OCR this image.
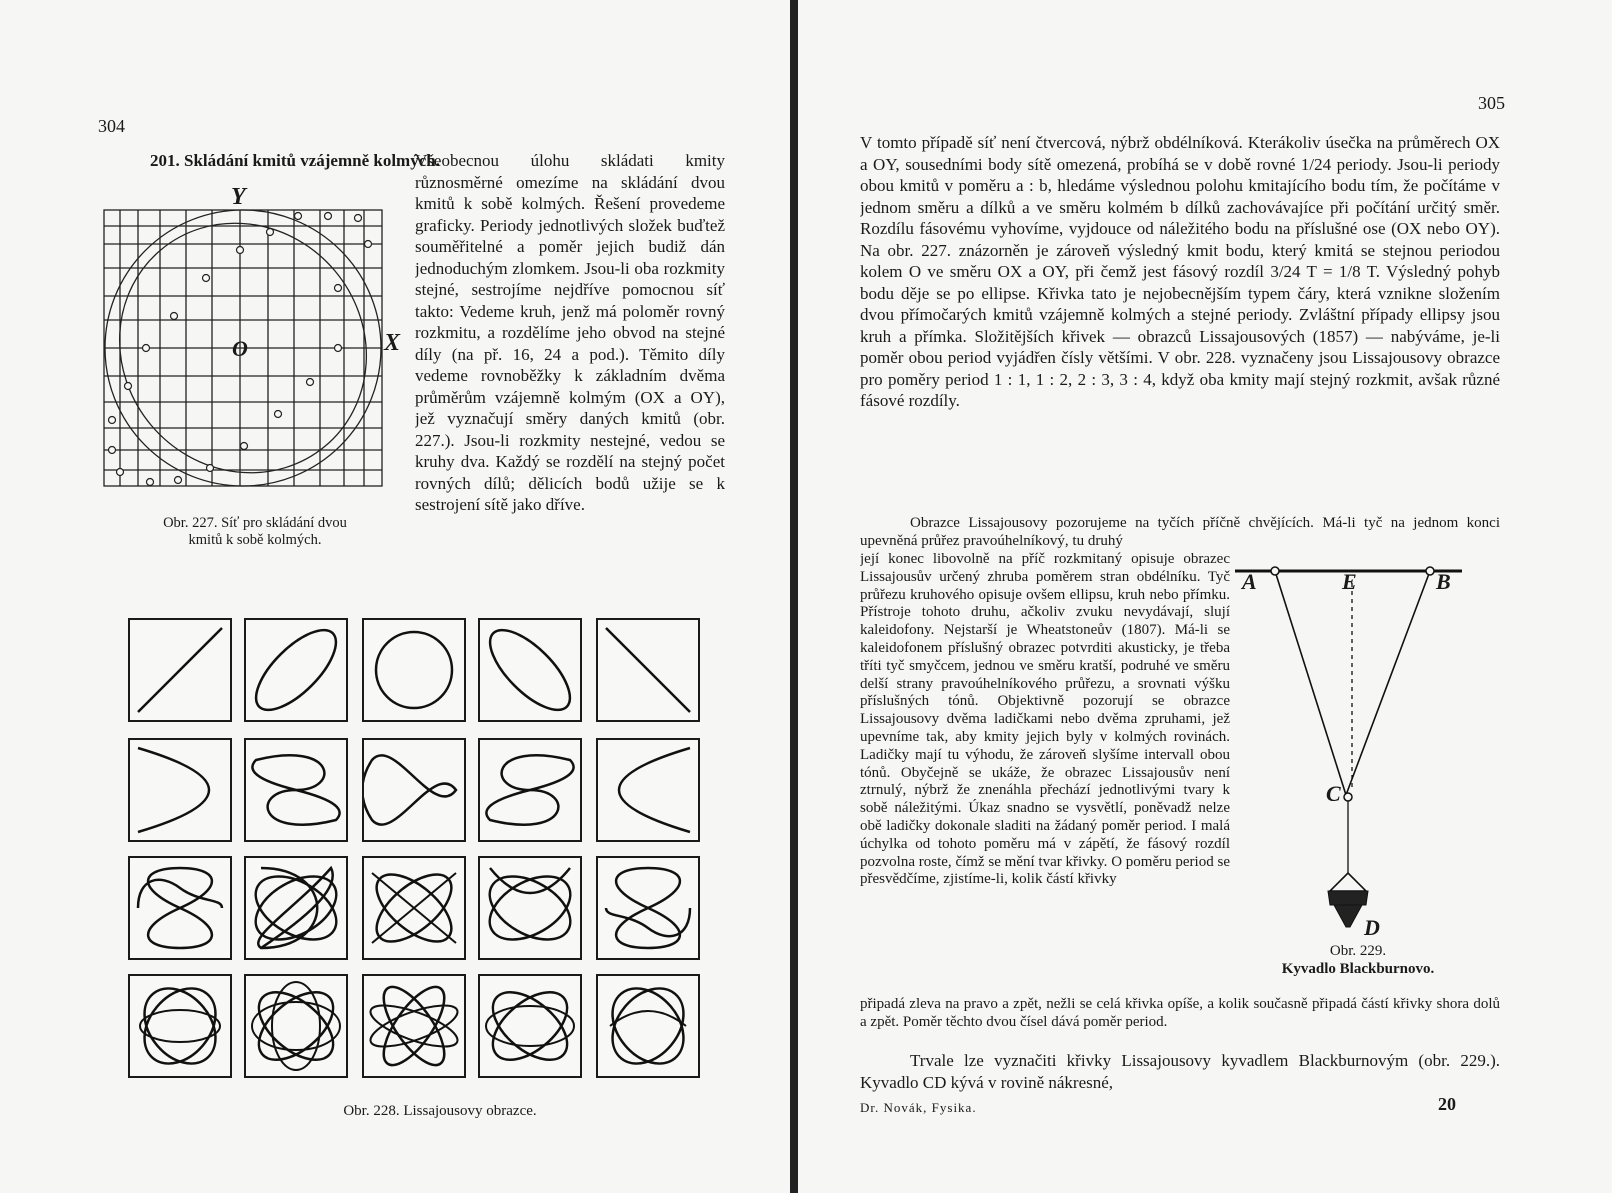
304
201. Skládání kmitů vzájemně kolmých.
Všeobecnou úlohu skládati kmity různosměrné omezíme na skládání dvou kmitů k sobě kolmých. Řešení provedeme graficky. Periody jednotlivých složek buďtež souměřitelné a poměr jejich budiž dán jednoduchým zlomkem. Jsou-li oba rozkmity stejné, sestrojíme nejdříve pomocnou síť takto: Vedeme kruh, jenž má poloměr rovný rozkmitu, a rozdělíme jeho obvod na stejné díly (na př. 16, 24 a pod.). Těmito díly vedeme rovnoběžky k základním dvěma průměrům vzájemně kolmým (OX a OY), jež vyznačují směry daných kmitů (obr. 227.). Jsou-li rozkmity nestejné, vedou se kruhy dva. Každý se rozdělí na stejný počet rovných dílů; dělicích bodů užije se k sestrojení sítě jako dříve.
Y
X
O
Obr. 227. Síť pro skládání dvou
kmitů k sobě kolmých.
Obr. 228. Lissajousovy obrazce.
305
V tomto případě síť není čtvercová, nýbrž obdélníková. Kterákoliv úsečka na průměrech OX a OY, sousedními body sítě omezená, probíhá se v době rovné 1/24 periody. Jsou-li periody obou kmitů v poměru a : b, hledáme výslednou polohu kmitajícího bodu tím, že počítáme v jednom směru a dílků a ve směru kolmém b dílků zachovávajíce při počítání určitý směr. Rozdílu fásovému vyhovíme, vyjdouce od náležitého bodu na příslušné ose (OX nebo OY). Na obr. 227. znázorněn je zároveň výsledný kmit bodu, který kmitá se stejnou periodou kolem O ve směru OX a OY, při čemž jest fásový rozdíl 3/24 T = 1/8 T. Výsledný pohyb bodu děje se po ellipse. Křivka tato je nejobecnějším typem čáry, která vznikne složením dvou přímočarých kmitů vzájemně kolmých a stejné periody. Zvláštní případy ellipsy jsou kruh a přímka. Složitějších křivek — obrazců Lissajousových (1857) — nabýváme, je-li poměr obou period vyjádřen čísly většími. V obr. 228. vyznačeny jsou Lissajousovy obrazce pro poměry period 1 : 1, 1 : 2, 2 : 3, 3 : 4, když oba kmity mají stejný rozkmit, avšak různé fásové rozdíly.
Obrazce Lissajousovy pozorujeme na tyčích příčně chvějících. Má-li tyč na jednom konci upevněná průřez pravoúhelníkový, tu druhý
její konec libovolně na příč rozkmitaný opisuje obrazec Lissajousův určený zhruba poměrem stran obdélníku. Tyč průřezu kruhového opisuje ovšem ellipsu, kruh nebo přímku. Přístroje tohoto druhu, ačkoliv zvuku nevydávají, slují kaleidofony. Nejstarší je Wheatstoneův (1807). Má-li se kaleidofonem příslušný obrazec potvrditi akusticky, je třeba tříti tyč smyčcem, jednou ve směru kratší, podruhé ve směru delší strany pravoúhelníkového průřezu, a srovnati výšku příslušných tónů. Objektivně pozorují se obrazce Lissajousovy dvěma ladičkami nebo dvěma zpruhami, jež upevníme tak, aby kmity jejich byly v kolmých rovinách. Ladičky mají tu výhodu, že zároveň slyšíme intervall obou tónů. Obyčejně se ukáže, že obrazec Lissajousův není ztrnulý, nýbrž že znenáhla přechází jednotlivými tvary k sobě náležitými. Úkaz snadno se vysvětlí, poněvadž nelze obě ladičky dokonale sladiti na žádaný poměr period. I malá úchylka od tohoto poměru má v zápětí, že fásový rozdíl pozvolna roste, čímž se mění tvar křivky. O poměru period se přesvědčíme, zjistíme-li, kolik částí křivky
A	B
E
C
D
Obr. 229.
Kyvadlo Blackburnovo.
připadá zleva na pravo a zpět, nežli se celá křivka opíše, a kolik současně připadá částí křivky shora dolů a zpět. Poměr těchto dvou čísel dává poměr period.
Trvale lze vyznačiti křivky Lissajousovy kyvadlem Blackburnovým (obr. 229.). Kyvadlo CD kývá v rovině nákresné,
Dr. Novák, Fysika.	20
